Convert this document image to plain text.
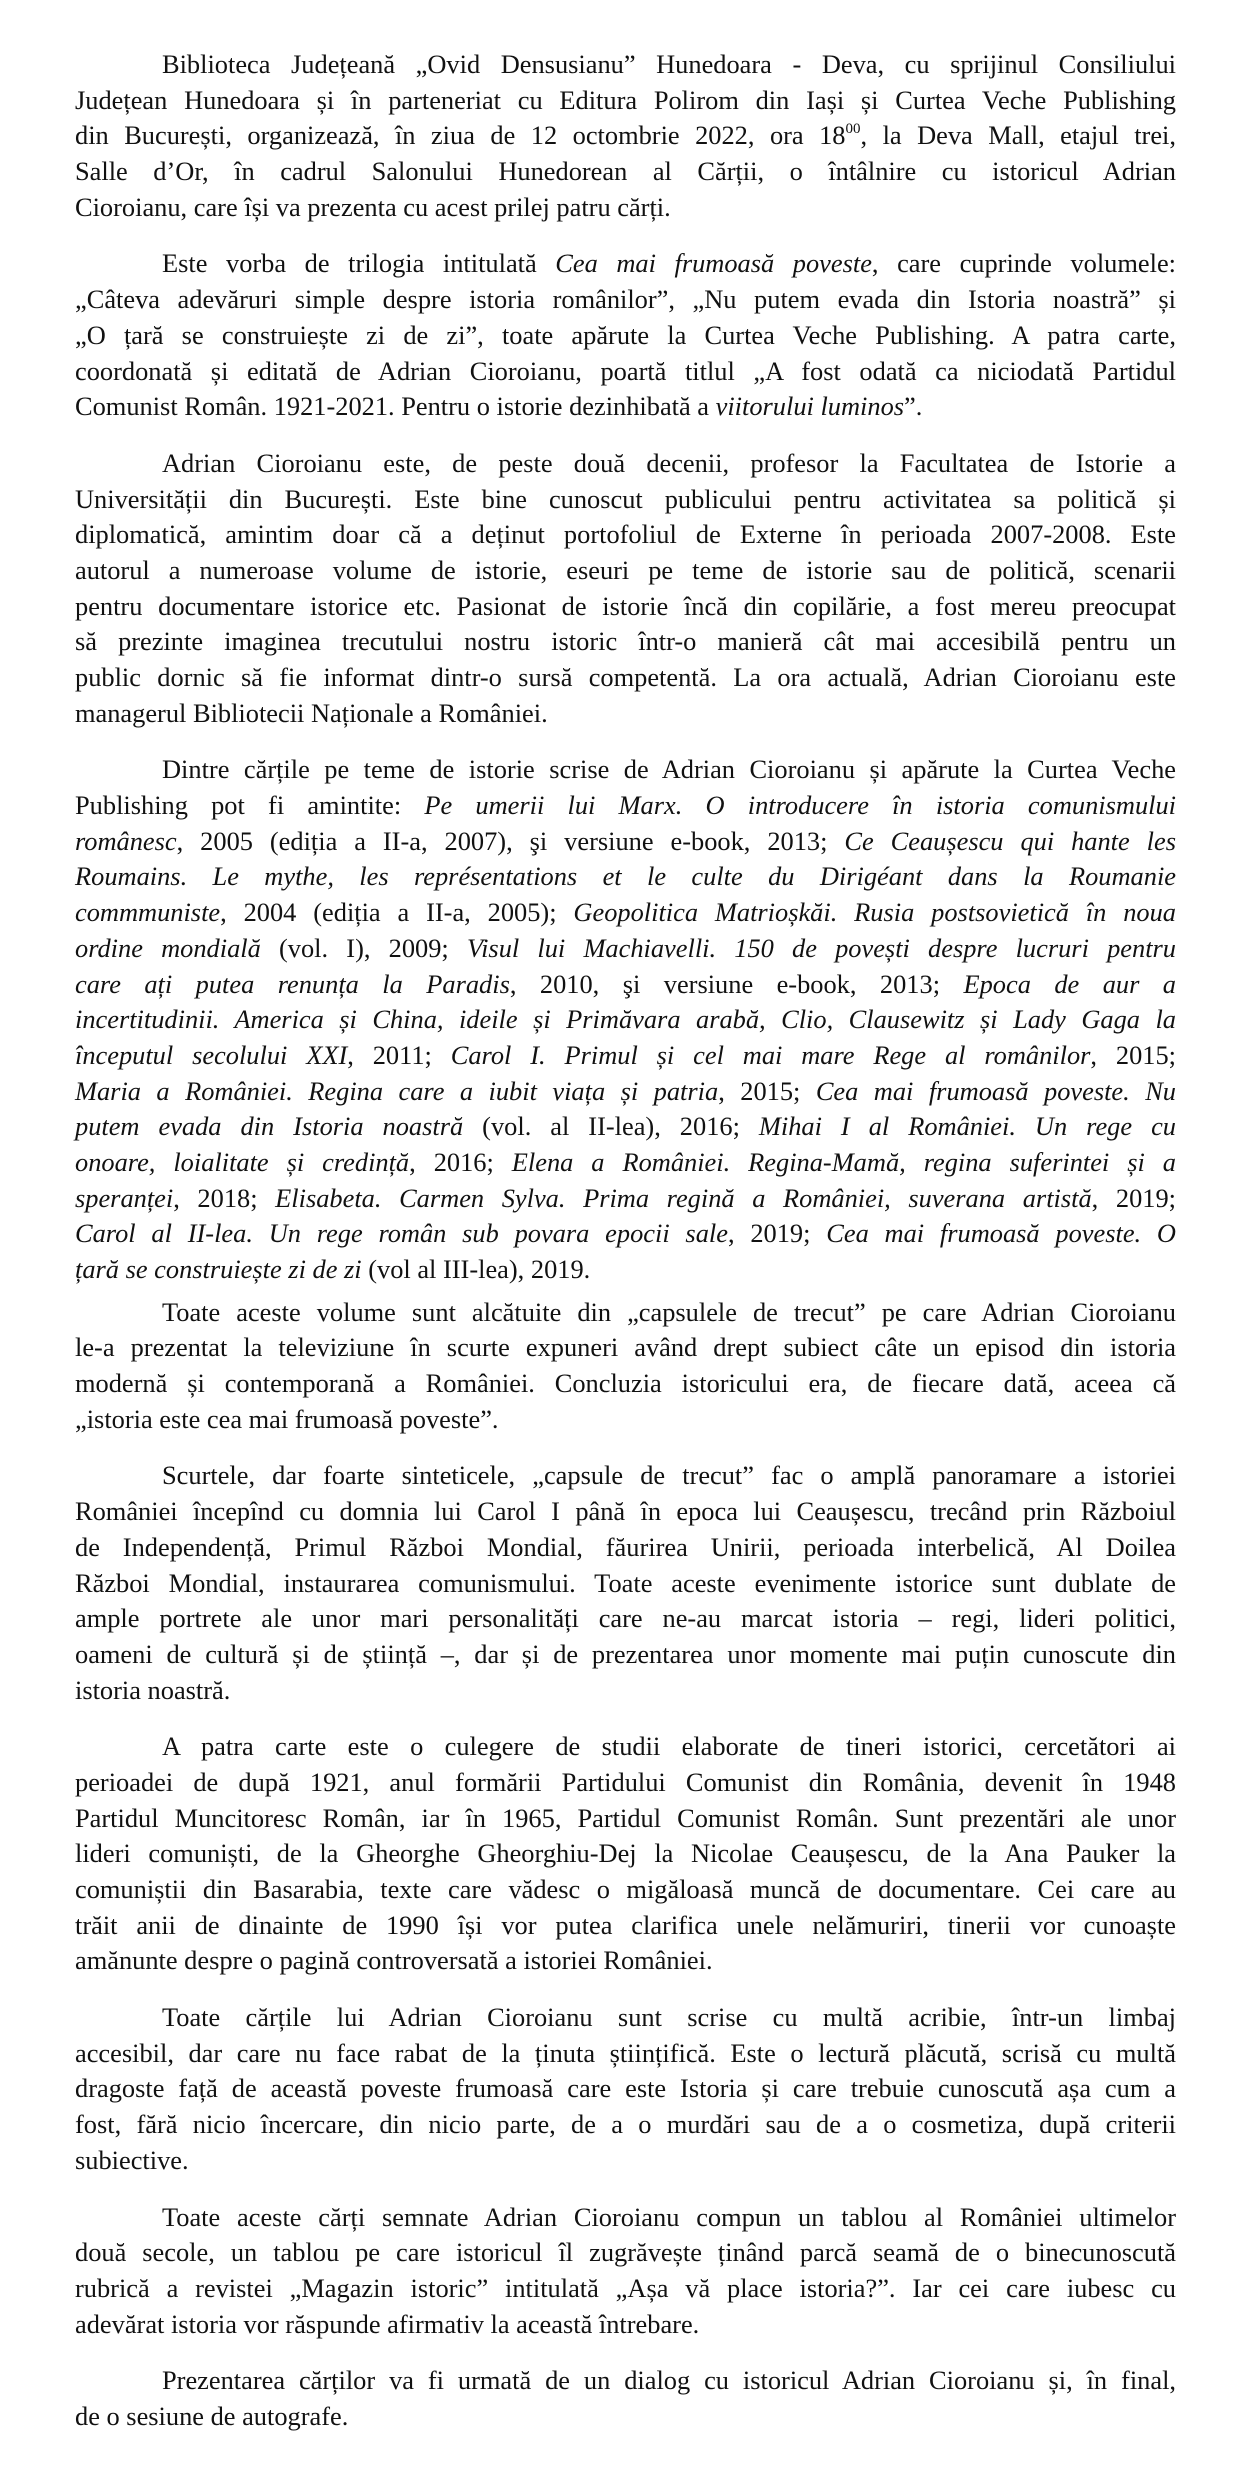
Biblioteca Județeană „Ovid Densusianu” Hunedoara - Deva, cu sprijinul Consiliului
Județean Hunedoara și în parteneriat cu Editura Polirom din Iași și Curtea Veche Publishing
din București, organizează, în ziua de 12 octombrie 2022, ora $18^{00}$, la Deva Mall, etajul trei,
Salle d’Or, în cadrul Salonului Hunedorean al Cărții, o întâlnire cu istoricul Adrian
Cioroianu, care își va prezenta cu acest prilej patru cărți.
Este vorba de trilogia intitulată Cea mai frumoasă poveste, care cuprinde volumele:
„Câteva adevăruri simple despre istoria românilor”, „Nu putem evada din Istoria noastră” și
„O țară se construiește zi de zi”, toate apărute la Curtea Veche Publishing. A patra carte,
coordonată și editată de Adrian Cioroianu, poartă titlul „A fost odată ca niciodată Partidul
Comunist Român. 1921-2021. Pentru o istorie dezinhibată a viitorului luminos”.
Adrian Cioroianu este, de peste două decenii, profesor la Facultatea de Istorie a
Universității din București. Este bine cunoscut publicului pentru activitatea sa politică și
diplomatică, amintim doar că a deținut portofoliul de Externe în perioada 2007-2008. Este
autorul a numeroase volume de istorie, eseuri pe teme de istorie sau de politică, scenarii
pentru documentare istorice etc. Pasionat de istorie încă din copilărie, a fost mereu preocupat
să prezinte imaginea trecutului nostru istoric într-o manieră cât mai accesibilă pentru un
public dornic să fie informat dintr-o sursă competentă. La ora actuală, Adrian Cioroianu este
managerul Bibliotecii Naționale a României.
Dintre cărțile pe teme de istorie scrise de Adrian Cioroianu și apărute la Curtea Veche
Publishing pot fi amintite: Pe umerii lui Marx. O introducere în istoria comunismului
românesc, 2005 (ediția a II-a, 2007), şi versiune e-book, 2013; Ce Ceaușescu qui hante les
Roumains. Le mythe, les représentations et le culte du Dirigéant dans la Roumanie
commmuniste, 2004 (ediția a II-a, 2005); Geopolitica Matrioșkăi. Rusia postsovietică în noua
ordine mondială (vol. I), 2009; Visul lui Machiavelli. 150 de povești despre lucruri pentru
care ați putea renunța la Paradis, 2010, şi versiune e-book, 2013; Epoca de aur a
incertitudinii. America și China, ideile și Primăvara arabă, Clio, Clausewitz și Lady Gaga la
începutul secolului XXI, 2011; Carol I. Primul și cel mai mare Rege al românilor, 2015;
Maria a României. Regina care a iubit viața și patria, 2015; Cea mai frumoasă poveste. Nu
putem evada din Istoria noastră (vol. al II-lea), 2016; Mihai I al României. Un rege cu
onoare, loialitate și credință, 2016; Elena a României. Regina-Mamă, regina suferintei și a
speranței, 2018; Elisabeta. Carmen Sylva. Prima regină a României, suverana artistă, 2019;
Carol al II-lea. Un rege român sub povara epocii sale, 2019; Cea mai frumoasă poveste. O
țară se construiește zi de zi (vol al III-lea), 2019.
Toate aceste volume sunt alcătuite din „capsulele de trecut” pe care Adrian Cioroianu
le-a prezentat la televiziune în scurte expuneri având drept subiect câte un episod din istoria
modernă și contemporană a României. Concluzia istoricului era, de fiecare dată, aceea că
„istoria este cea mai frumoasă poveste”.
Scurtele, dar foarte sinteticele, „capsule de trecut” fac o amplă panoramare a istoriei
României începînd cu domnia lui Carol I până în epoca lui Ceaușescu, trecând prin Războiul
de Independență, Primul Război Mondial, făurirea Unirii, perioada interbelică, Al Doilea
Război Mondial, instaurarea comunismului. Toate aceste evenimente istorice sunt dublate de
ample portrete ale unor mari personalități care ne-au marcat istoria – regi, lideri politici,
oameni de cultură și de știință –, dar și de prezentarea unor momente mai puțin cunoscute din
istoria noastră.
A patra carte este o culegere de studii elaborate de tineri istorici, cercetători ai
perioadei de după 1921, anul formării Partidului Comunist din România, devenit în 1948
Partidul Muncitoresc Român, iar în 1965, Partidul Comunist Român. Sunt prezentări ale unor
lideri comuniști, de la Gheorghe Gheorghiu-Dej la Nicolae Ceaușescu, de la Ana Pauker la
comuniștii din Basarabia, texte care vădesc o migăloasă muncă de documentare. Cei care au
trăit anii de dinainte de 1990 își vor putea clarifica unele nelămuriri, tinerii vor cunoaște
amănunte despre o pagină controversată a istoriei României.
Toate cărțile lui Adrian Cioroianu sunt scrise cu multă acribie, într-un limbaj
accesibil, dar care nu face rabat de la ținuta științifică. Este o lectură plăcută, scrisă cu multă
dragoste față de această poveste frumoasă care este Istoria și care trebuie cunoscută așa cum a
fost, fără nicio încercare, din nicio parte, de a o murdări sau de a o cosmetiza, după criterii
subiective.
Toate aceste cărți semnate Adrian Cioroianu compun un tablou al României ultimelor
două secole, un tablou pe care istoricul îl zugrăvește ținând parcă seamă de o binecunoscută
rubrică a revistei „Magazin istoric” intitulată „Așa vă place istoria?”. Iar cei care iubesc cu
adevărat istoria vor răspunde afirmativ la această întrebare.
Prezentarea cărților va fi urmată de un dialog cu istoricul Adrian Cioroianu și, în final,
de o sesiune de autografe.
